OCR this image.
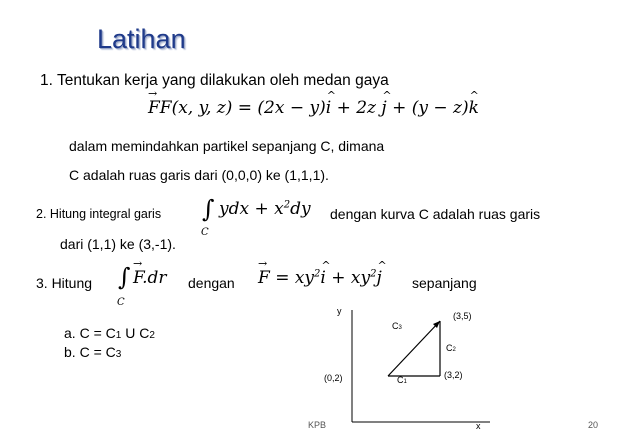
Latihan
1. Tentukan kerja yang dilakukan oleh medan gaya
→ FF(x, y, z) = (2x − y)^ i + 2z ^ j + (y − z)^ k
dalam memindahkan partikel sepanjang C, dimana
C adalah ruas garis dari (0,0,0) ke (1,1,1).
2. Hitung integral garis ∫
C
ydx + $x^2dy$ dengan kurva C adalah ruas garis
dari (1,1) ke (3,-1).
3. Hitung ∫
C
→ F.dr dengan
→ $F = xy^2\^{}$ $i + xy^2\^{}$ j sepanjang
a. C = C1 U C2
b. C = C3
y
x
(0,2)	(3,2)
(3,5)
C1
C2
C3
KPB	20
